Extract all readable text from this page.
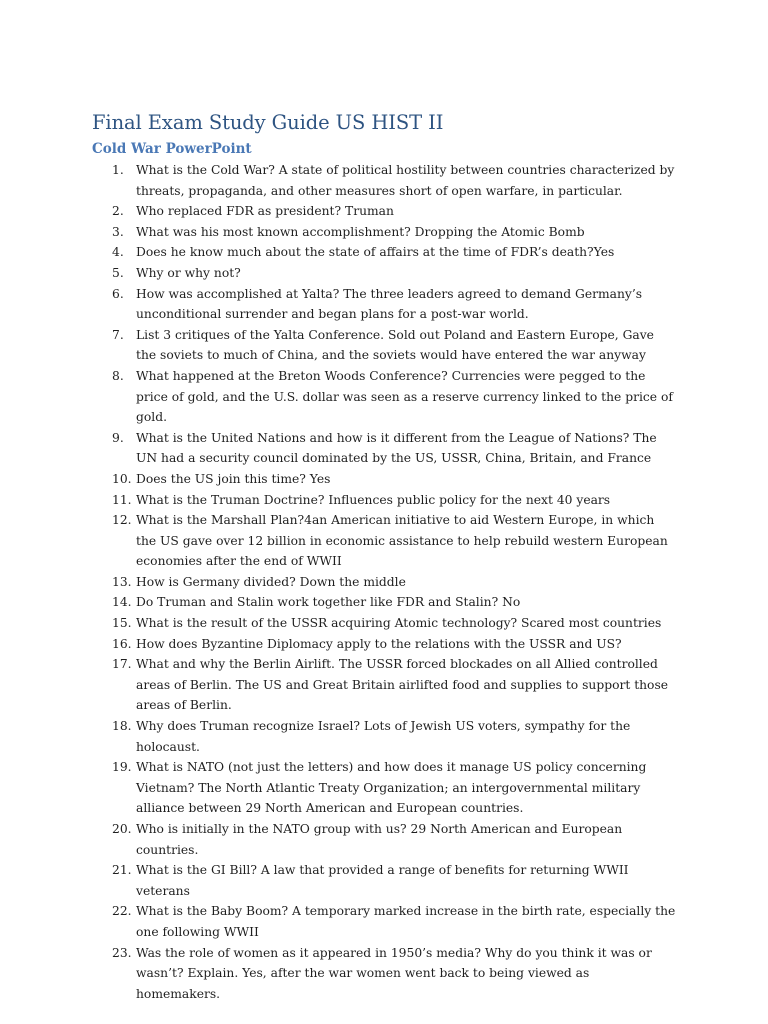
Final Exam Study Guide US HIST II
Cold War PowerPoint
1. What is the Cold War? A state of political hostility between countries characterized by threats, propaganda, and other measures short of open warfare, in particular.
2. Who replaced FDR as president? Truman
3. What was his most known accomplishment? Dropping the Atomic Bomb
4. Does he know much about the state of affairs at the time of FDR’s death?Yes
5. Why or why not?
6. How was accomplished at Yalta? The three leaders agreed to demand Germany’s unconditional surrender and began plans for a post-war world.
7. List 3 critiques of the Yalta Conference. Sold out Poland and Eastern Europe, Gave the soviets to much of China, and the soviets would have entered the war anyway
8. What happened at the Breton Woods Conference? Currencies were pegged to the price of gold, and the U.S. dollar was seen as a reserve currency linked to the price of gold.
9. What is the United Nations and how is it different from the League of Nations? The UN had a security council dominated by the US, USSR, China, Britain, and France
10. Does the US join this time? Yes
11. What is the Truman Doctrine? Influences public policy for the next 40 years
12. What is the Marshall Plan?4an American initiative to aid Western Europe, in which the US gave over 12 billion in economic assistance to help rebuild western European economies after the end of WWII
13. How is Germany divided? Down the middle
14. Do Truman and Stalin work together like FDR and Stalin? No
15. What is the result of the USSR acquiring Atomic technology? Scared most countries
16. How does Byzantine Diplomacy apply to the relations with the USSR and US?
17. What and why the Berlin Airlift. The USSR forced blockades on all Allied controlled areas of Berlin. The US and Great Britain airlifted food and supplies to support those areas of Berlin.
18. Why does Truman recognize Israel? Lots of Jewish US voters, sympathy for the holocaust.
19. What is NATO (not just the letters) and how does it manage US policy concerning Vietnam? The North Atlantic Treaty Organization; an intergovernmental military alliance between 29 North American and European countries.
20. Who is initially in the NATO group with us? 29 North American and European countries.
21. What is the GI Bill? A law that provided a range of benefits for returning WWII veterans
22. What is the Baby Boom? A temporary marked increase in the birth rate, especially the one following WWII
23. Was the role of women as it appeared in 1950’s media? Why do you think it was or wasn’t? Explain. Yes, after the war women went back to being viewed as homemakers.
